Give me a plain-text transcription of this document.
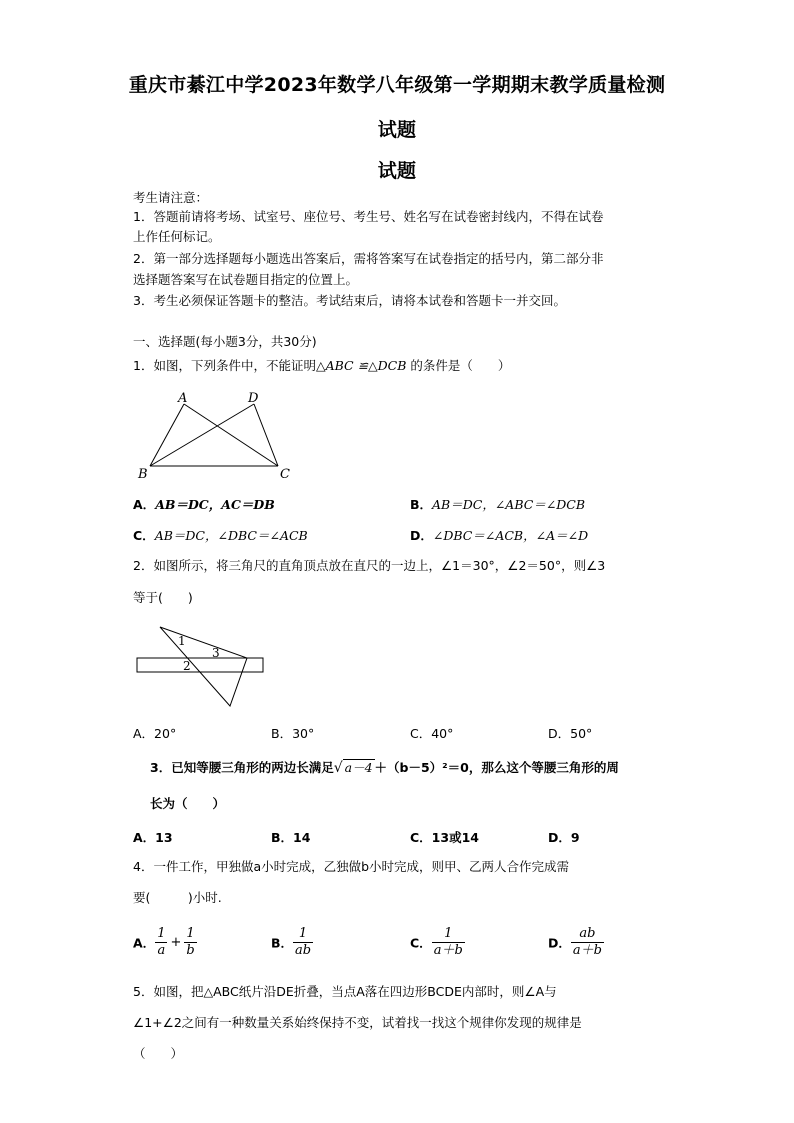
重庆市綦江中学2023年数学八年级第一学期期末教学质量检测
试题
试题
考生请注意：
1．答题前请将考场、试室号、座位号、考生号、姓名写在试卷密封线内，不得在试卷
上作任何标记。
2．第一部分选择题每小题选出答案后，需将答案写在试卷指定的括号内，第二部分非
选择题答案写在试卷题目指定的位置上。
3．考生必须保证答题卡的整洁。考试结束后，请将本试卷和答题卡一并交回。
一、选择题(每小题3分，共30分)
1．如图，下列条件中，不能证明△ABC ≌△DCB 的条件是（　　）
A	D
B	C
A．AB＝DC，AC＝DB	B．AB＝DC，∠ABC＝∠DCB
C．AB＝DC，∠DBC＝∠ACB	D．∠DBC＝∠ACB，∠A＝∠D
2．如图所示，将三角尺的直角顶点放在直尺的一边上，∠1＝30°，∠2＝50°，则∠3
等于(　　)
1
2
3
A．20°	B．30°	C．40°	D．50°
3．已知等腰三角形的两边长满足√ a－4 ＋（b－5）²＝0，那么这个等腰三角形的周
长为（　　）
A．13	B．14	C．13或14	D．9
4．一件工作，甲独做a小时完成，乙独做b小时完成，则甲、乙两人合作完成需
要(　　　)小时.
A． $\frac{1}{a} + \frac{1}{b}$	B． $\frac{1}{ab}$	C． $\frac{1}{a+b}$	D． $\frac{ab}{a+b}$
5．如图，把△ABC纸片沿DE折叠，当点A落在四边形BCDE内部时，则∠A与
∠1+∠2之间有一种数量关系始终保持不变，试着找一找这个规律你发现的规律是
（　　）
